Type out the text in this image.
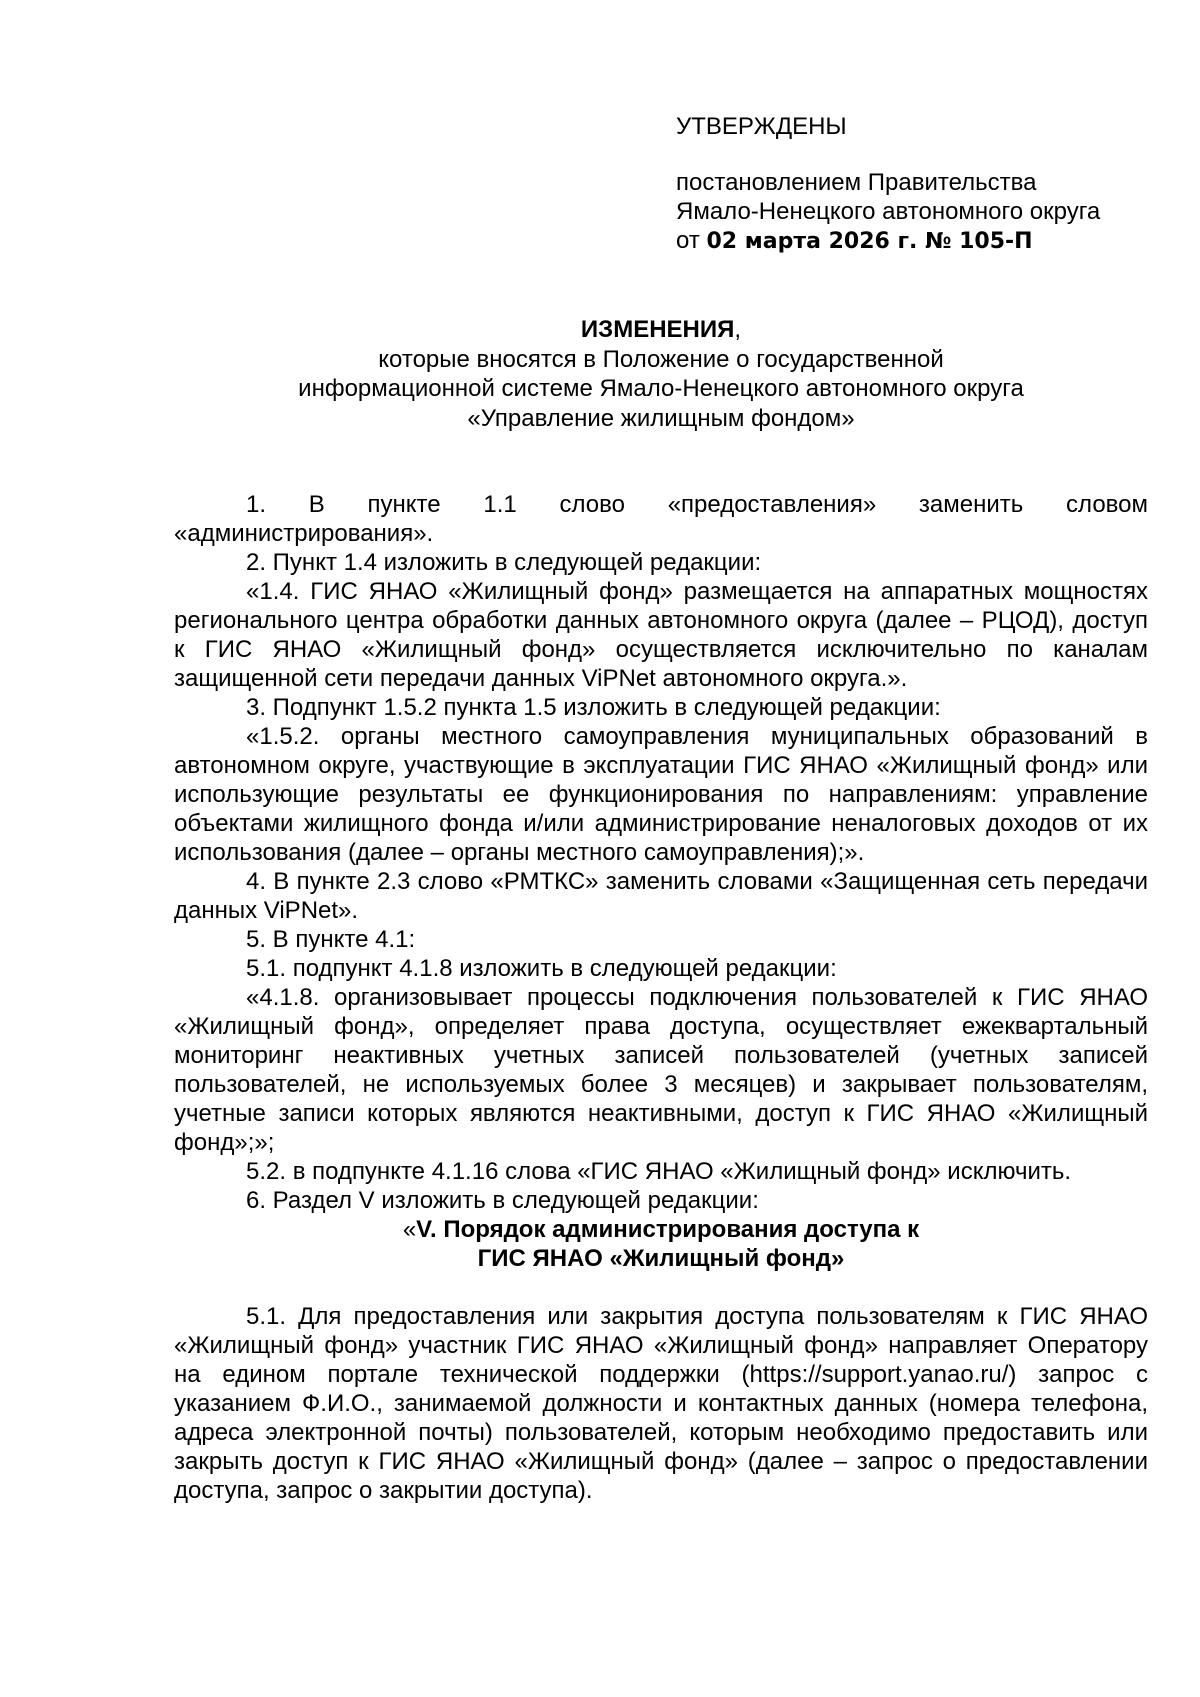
УТВЕРЖДЕНЫ
постановлением Правительства
Ямало-Ненецкого автономного округа
от 02 марта 2026 г. № 105-П
ИЗМЕНЕНИЯ,
которые вносятся в Положение о государственной
информационной системе Ямало-Ненецкого автономного округа
«Управление жилищным фондом»

1. В пункте 1.1 слово «предоставления» заменить словом «администрирования».

2. Пункт 1.4 изложить в следующей редакции:

«1.4. ГИС ЯНАО «Жилищный фонд» размещается на аппаратных мощностях регионального центра обработки данных автономного округа (далее – РЦОД), доступ к ГИС ЯНАО «Жилищный фонд» осуществляется исключительно по каналам защищенной сети передачи данных ViPNet автономного округа.».

3. Подпункт 1.5.2 пункта 1.5 изложить в следующей редакции:

«1.5.2. органы местного самоуправления муниципальных образований в автономном округе, участвующие в эксплуатации ГИС ЯНАО «Жилищный фонд» или использующие результаты ее функционирования по направлениям: управление объектами жилищного фонда и/или администрирование неналоговых доходов от их использования (далее – органы местного самоуправления);».

4. В пункте 2.3 слово «РМТКС» заменить словами «Защищенная сеть передачи данных ViPNet».

5. В пункте 4.1:

5.1. подпункт 4.1.8 изложить в следующей редакции:

«4.1.8. организовывает процессы подключения пользователей к ГИС ЯНАО «Жилищный фонд», определяет права доступа, осуществляет ежеквартальный мониторинг неактивных учетных записей пользователей (учетных записей пользователей, не используемых более 3 месяцев) и закрывает пользователям, учетные записи которых являются неактивными, доступ к ГИС ЯНАО «Жилищный фонд»;»;

5.2. в подпункте 4.1.16 слова «ГИС ЯНАО «Жилищный фонд» исключить.

6. Раздел V изложить в следующей редакции:

«V. Порядок администрирования доступа к

ГИС ЯНАО «Жилищный фонд»

5.1. Для предоставления или закрытия доступа пользователям к ГИС ЯНАО «Жилищный фонд» участник ГИС ЯНАО «Жилищный фонд» направляет Оператору на едином портале технической поддержки (https://support.yanao.ru/) запрос с указанием Ф.И.О., занимаемой должности и контактных данных (номера телефона, адреса электронной почты) пользователей, которым необходимо предоставить или закрыть доступ к ГИС ЯНАО «Жилищный фонд» (далее – запрос о предоставлении доступа, запрос о закрытии доступа).
